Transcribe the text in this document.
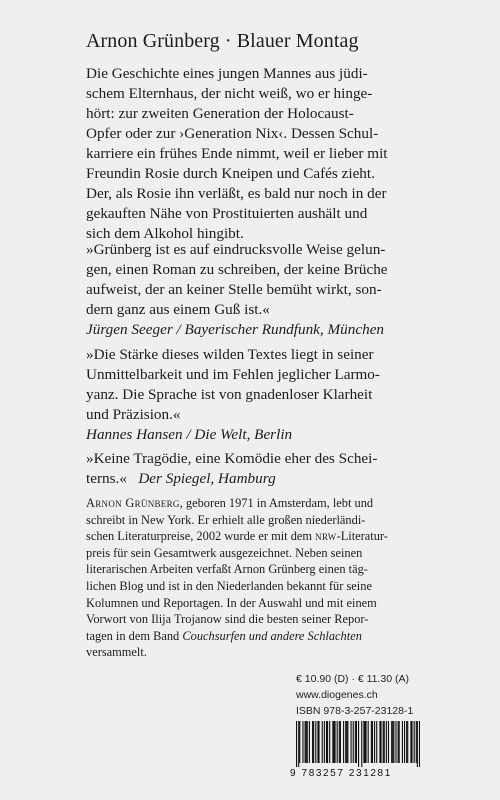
Arnon Grünberg · Blauer Montag

Die Geschichte eines jungen Mannes aus jüdi-

schem Elternhaus, der nicht weiß, wo er hinge-

hört: zur zweiten Generation der Holocaust-

Opfer oder zur ›Generation Nix‹. Dessen Schul-

karriere ein frühes Ende nimmt, weil er lieber mit

Freundin Rosie durch Kneipen und Cafés zieht.

Der, als Rosie ihn verläßt, es bald nur noch in der

gekauften Nähe von Prostituierten aushält und

sich dem Alkohol hingibt.

»Grünberg ist es auf eindrucksvolle Weise gelun-

gen, einen Roman zu schreiben, der keine Brüche

aufweist, der an keiner Stelle bemüht wirkt, son-

dern ganz aus einem Guß ist.«

Jürgen Seeger / Bayerischer Rundfunk, München

»Die Stärke dieses wilden Textes liegt in seiner

Unmittelbarkeit und im Fehlen jeglicher Larmo-

yanz. Die Sprache ist von gnadenloser Klarheit

und Präzision.«

Hannes Hansen / Die Welt, Berlin

»Keine Tragödie, eine Komödie eher des Schei-

terns.« Der Spiegel, Hamburg

Arnon Grünberg, geboren 1971 in Amsterdam, lebt und

schreibt in New York. Er erhielt alle großen niederländi-

schen Literaturpreise, 2002 wurde er mit dem nrw-Literatur-

preis für sein Gesamtwerk ausgezeichnet. Neben seinen

literarischen Arbeiten verfaßt Arnon Grünberg einen täg-

lichen Blog und ist in den Niederlanden bekannt für seine

Kolumnen und Reportagen. In der Auswahl und mit einem

Vorwort von Ilija Trojanow sind die besten seiner Repor-

tagen in dem Band Couchsurfen und andere Schlachten

versammelt.

€ 10.90 (D) · € 11.30 (A)
www.diogenes.ch
ISBN 978-3-257-23128-1
9 783257 231281
